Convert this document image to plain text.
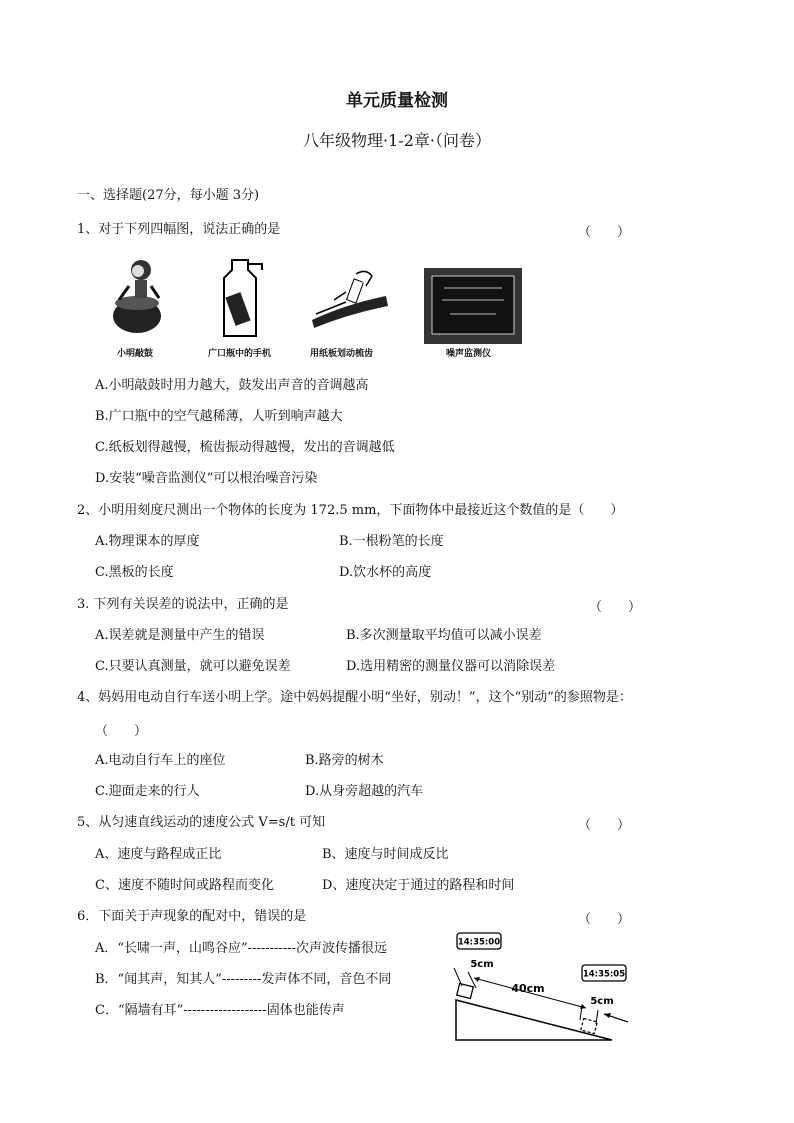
单元质量检测
八年级物理·1-2章·（问卷）
一、选择题(27分，每小题 3分)
1、对于下列四幅图，说法正确的是	（　　）
小明敲鼓	广口瓶中的手机	用纸板划动梳齿	噪声监测仪
A.小明敲鼓时用力越大，鼓发出声音的音调越高
B.广口瓶中的空气越稀薄，人听到响声越大
C.纸板划得越慢，梳齿振动得越慢，发出的音调越低
D.安装“噪音监测仪”可以根治噪音污染
2、小明用刻度尺测出一个物体的长度为 172.5 mm，下面物体中最接近这个数值的是（　　）
A.物理课本的厚度	B.一根粉笔的长度
C.黑板的长度	D.饮水杯的高度
3. 下列有关误差的说法中，正确的是	（　　）
A.误差就是测量中产生的错误	B.多次测量取平均值可以减小误差
C.只要认真测量，就可以避免误差	D.选用精密的测量仪器可以消除误差
4、妈妈用电动自行车送小明上学。途中妈妈提醒小明“坐好，别动！”，这个“别动”的参照物是：
（　　）
A.电动自行车上的座位	B.路旁的树木
C.迎面走来的行人	D.从身旁超越的汽车
5、从匀速直线运动的速度公式 V=s/t 可知	（　　）
A、速度与路程成正比	B、速度与时间成反比
C、速度不随时间或路程而变化	D、速度决定于通过的路程和时间
6．下面关于声现象的配对中，错误的是	（　　）
A．“长啸一声，山鸣谷应”-----------次声波传播很远
B．“闻其声，知其人”---------发声体不同，音色不同
C．“隔墙有耳”-------------------固体也能传声
14:35:00
14:35:05
5cm
40cm
5cm
